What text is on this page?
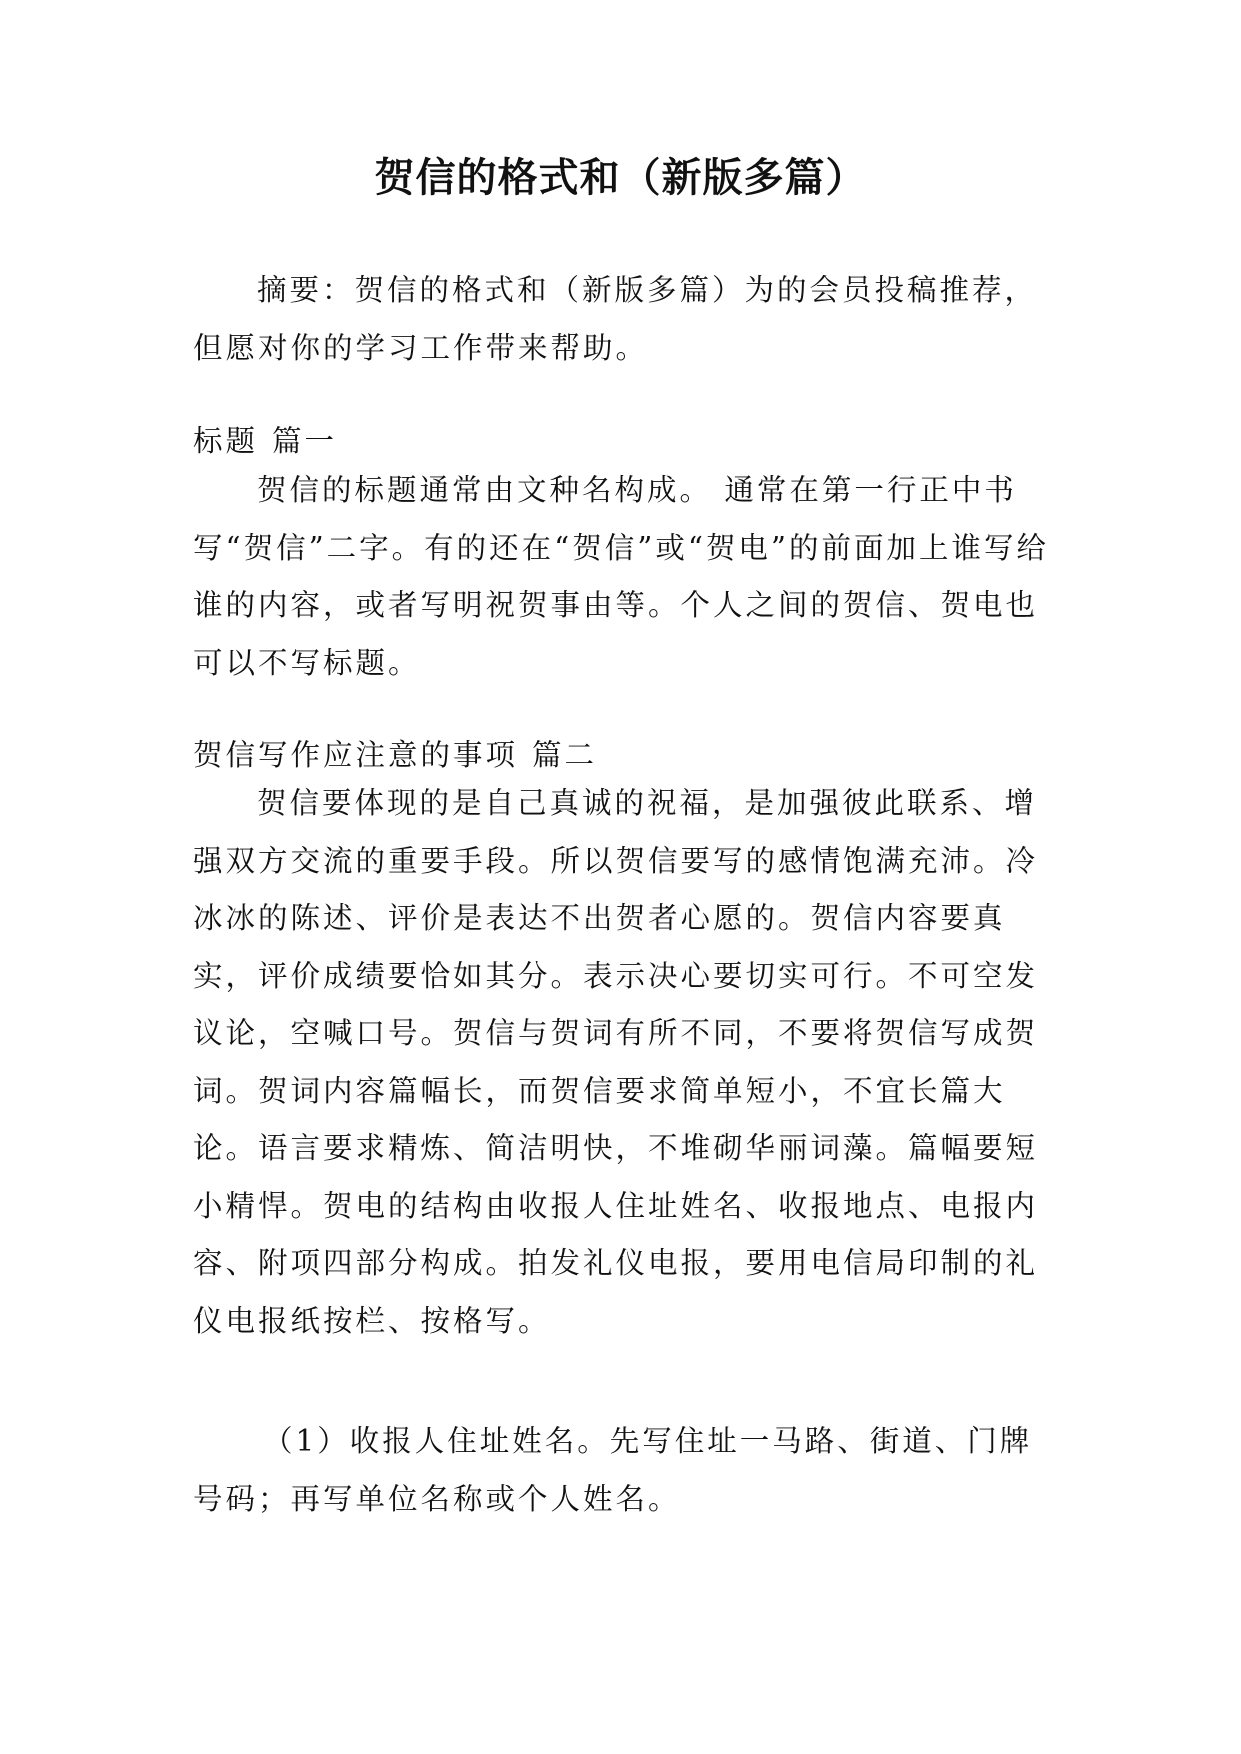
贺信的格式和（新版多篇）

摘要：贺信的格式和（新版多篇）为的会员投稿推荐，但愿对你的学习工作带来帮助。

标题 篇一

贺信的标题通常由文种名构成。 通常在第一行正中书写“贺信”二字。有的还在“贺信”或“贺电”的前面加上谁写给谁的内容，或者写明祝贺事由等。个人之间的贺信、贺电也可以不写标题。

贺信写作应注意的事项 篇二

贺信要体现的是自己真诚的祝福，是加强彼此联系、增强双方交流的重要手段。所以贺信要写的感情饱满充沛。冷冰冰的陈述、评价是表达不出贺者心愿的。贺信内容要真实，评价成绩要恰如其分。表示决心要切实可行。不可空发议论，空喊口号。贺信与贺词有所不同，不要将贺信写成贺词。贺词内容篇幅长，而贺信要求简单短小，不宜长篇大论。语言要求精炼、简洁明快，不堆砌华丽词藻。篇幅要短小精悍。贺电的结构由收报人住址姓名、收报地点、电报内容、附项四部分构成。拍发礼仪电报，要用电信局印制的礼仪电报纸按栏、按格写。

（1）收报人住址姓名。先写住址一马路、街道、门牌号码；再写单位名称或个人姓名。
